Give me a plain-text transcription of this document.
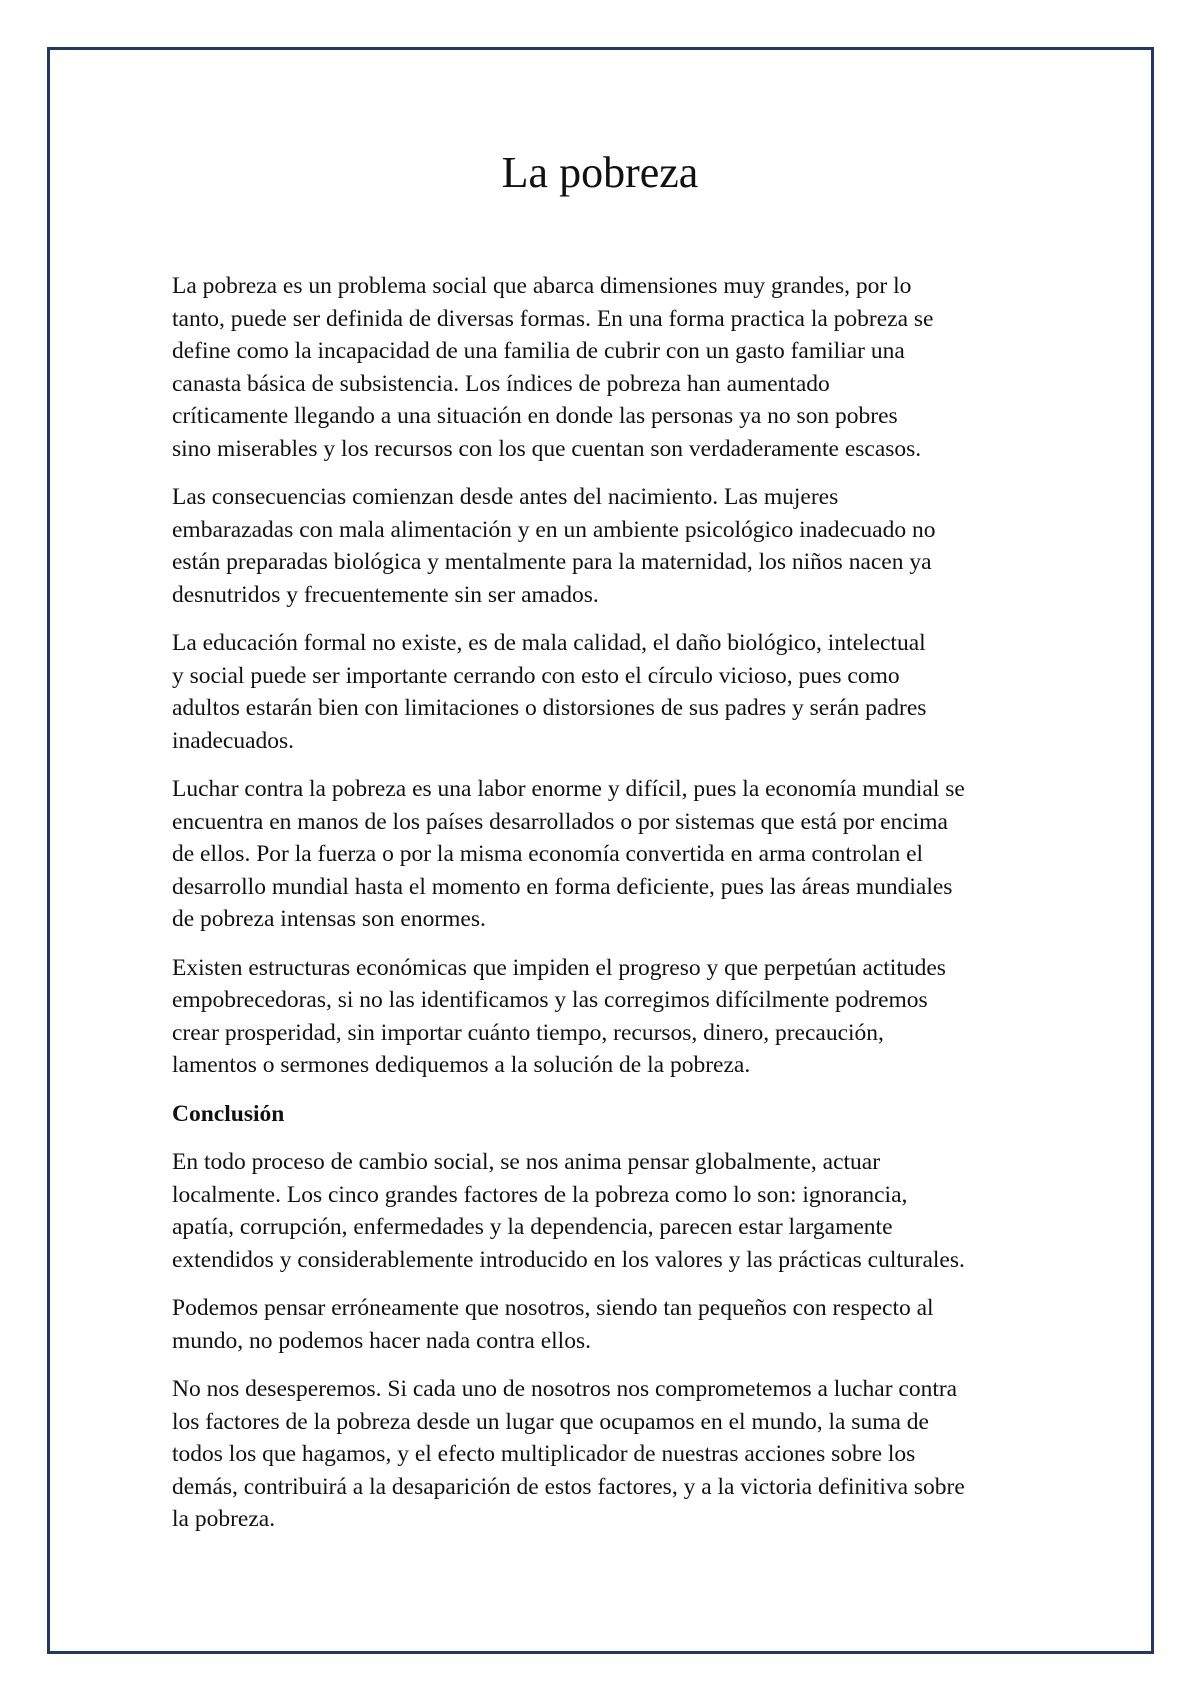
La pobreza

La pobreza es un problema social que abarca dimensiones muy grandes, por lo
tanto, puede ser definida de diversas formas. En una forma practica la pobreza se
define como la incapacidad de una familia de cubrir con un gasto familiar una
canasta básica de subsistencia. Los índices de pobreza han aumentado
críticamente llegando a una situación en donde las personas ya no son pobres
sino miserables y los recursos con los que cuentan son verdaderamente escasos.

Las consecuencias comienzan desde antes del nacimiento. Las mujeres
embarazadas con mala alimentación y en un ambiente psicológico inadecuado no
están preparadas biológica y mentalmente para la maternidad, los niños nacen ya
desnutridos y frecuentemente sin ser amados.

La educación formal no existe, es de mala calidad, el daño biológico, intelectual
y social puede ser importante cerrando con esto el círculo vicioso, pues como
adultos estarán bien con limitaciones o distorsiones de sus padres y serán padres
inadecuados.

Luchar contra la pobreza es una labor enorme y difícil, pues la economía mundial se
encuentra en manos de los países desarrollados o por sistemas que está por encima
de ellos. Por la fuerza o por la misma economía convertida en arma controlan el
desarrollo mundial hasta el momento en forma deficiente, pues las áreas mundiales
de pobreza intensas son enormes.

Existen estructuras económicas que impiden el progreso y que perpetúan actitudes
empobrecedoras, si no las identificamos y las corregimos difícilmente podremos
crear prosperidad, sin importar cuánto tiempo, recursos, dinero, precaución,
lamentos o sermones dediquemos a la solución de la pobreza.

Conclusión

En todo proceso de cambio social, se nos anima pensar globalmente, actuar
localmente. Los cinco grandes factores de la pobreza como lo son: ignorancia,
apatía, corrupción, enfermedades y la dependencia, parecen estar largamente
extendidos y considerablemente introducido en los valores y las prácticas culturales.

Podemos pensar erróneamente que nosotros, siendo tan pequeños con respecto al
mundo, no podemos hacer nada contra ellos.

No nos desesperemos. Si cada uno de nosotros nos comprometemos a luchar contra
los factores de la pobreza desde un lugar que ocupamos en el mundo, la suma de
todos los que hagamos, y el efecto multiplicador de nuestras acciones sobre los
demás, contribuirá a la desaparición de estos factores, y a la victoria definitiva sobre
la pobreza.
